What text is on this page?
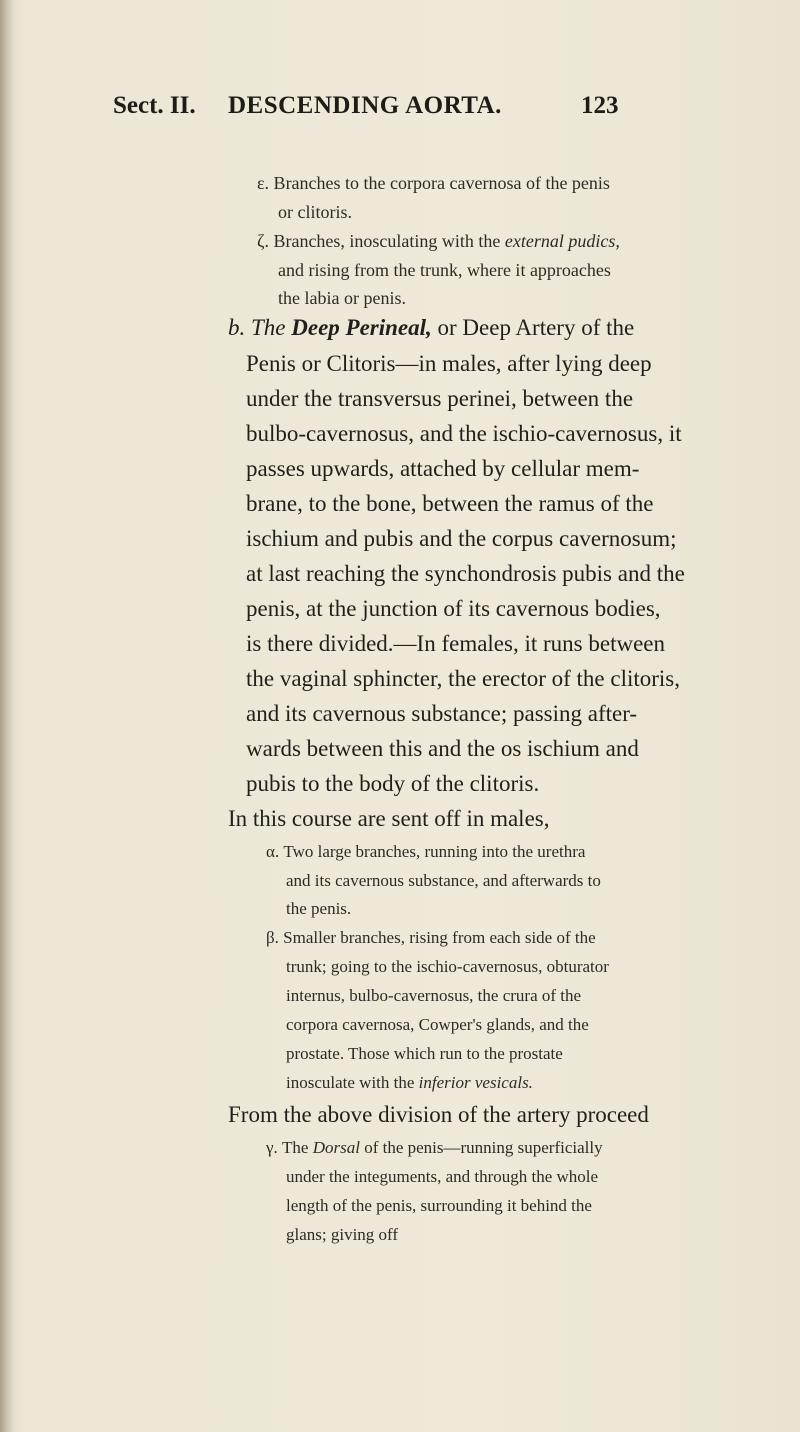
Sect. II. DESCENDING AORTA.	123
ε. Branches to the corpora cavernosa of the penis
or clitoris.
ζ. Branches, inosculating with the external pudics,
and rising from the trunk, where it approaches
the labia or penis.
b. The Deep Perineal, or Deep Artery of the
Penis or Clitoris—in males, after lying deep
under the transversus perinei, between the
bulbo-cavernosus, and the ischio-cavernosus, it
passes upwards, attached by cellular mem-
brane, to the bone, between the ramus of the
ischium and pubis and the corpus cavernosum;
at last reaching the synchondrosis pubis and the
penis, at the junction of its cavernous bodies,
is there divided.—In females, it runs between
the vaginal sphincter, the erector of the clitoris,
and its cavernous substance; passing after-
wards between this and the os ischium and
pubis to the body of the clitoris.
In this course are sent off in males,
α. Two large branches, running into the urethra
and its cavernous substance, and afterwards to
the penis.
β. Smaller branches, rising from each side of the
trunk; going to the ischio-cavernosus, obturator
internus, bulbo-cavernosus, the crura of the
corpora cavernosa, Cowper's glands, and the
prostate. Those which run to the prostate
inosculate with the inferior vesicals.
From the above division of the artery proceed
γ. The Dorsal of the penis—running superficially
under the integuments, and through the whole
length of the penis, surrounding it behind the
glans; giving off
